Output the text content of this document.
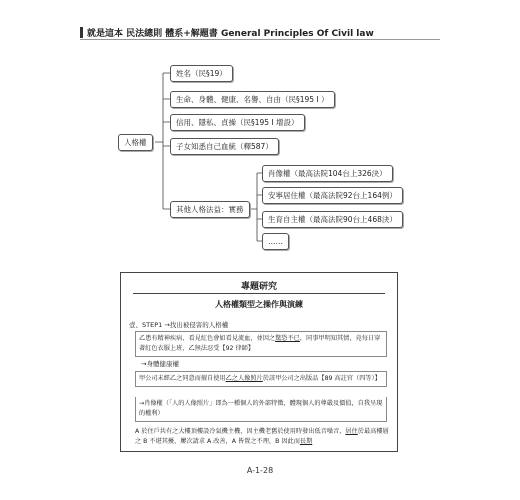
就是這本 民法總則 體系+解題書 General Principles Of Civil law
人格權
姓名（民§19）
生命、身體、健康、名譽、自由（民§195 I ）
信用、隱私、貞操（民§195 I 增設）
子女知悉自己血統（釋587）
其他人格法益：實務
肖像權（最高法院104台上326決）
安寧居住權（最高法院92台上164例）
生育自主權（最高法院90台上468決）
……
專題研究
人格權類型之操作與演練
壹、STEP1 →找出被侵害的人格權
乙患有精神疾病，看見紅色會如看見流血，並因之驚恐不已，同事甲明知其情，竟每日穿著紅色衣服上班，乙無法忍受【92 律師】
→身體健康權
甲公司未經乙之同意而擅自使用乙之人像照片於該甲公司之出版品【89 高註官（四等）】
→肖像權（「人的人像照片」即為一種個人的外部特徵，體現個人的尊嚴及價值，自我呈現的權利）
A 於住戶共有之大樓頂樓設冷氣機主機，因主機老舊於使用時發出低音噪音，居住於最高樓層之 B 不堪其擾，屢次請求 A 改善，A 皆置之不理，B 因此而長期
A-1-28
